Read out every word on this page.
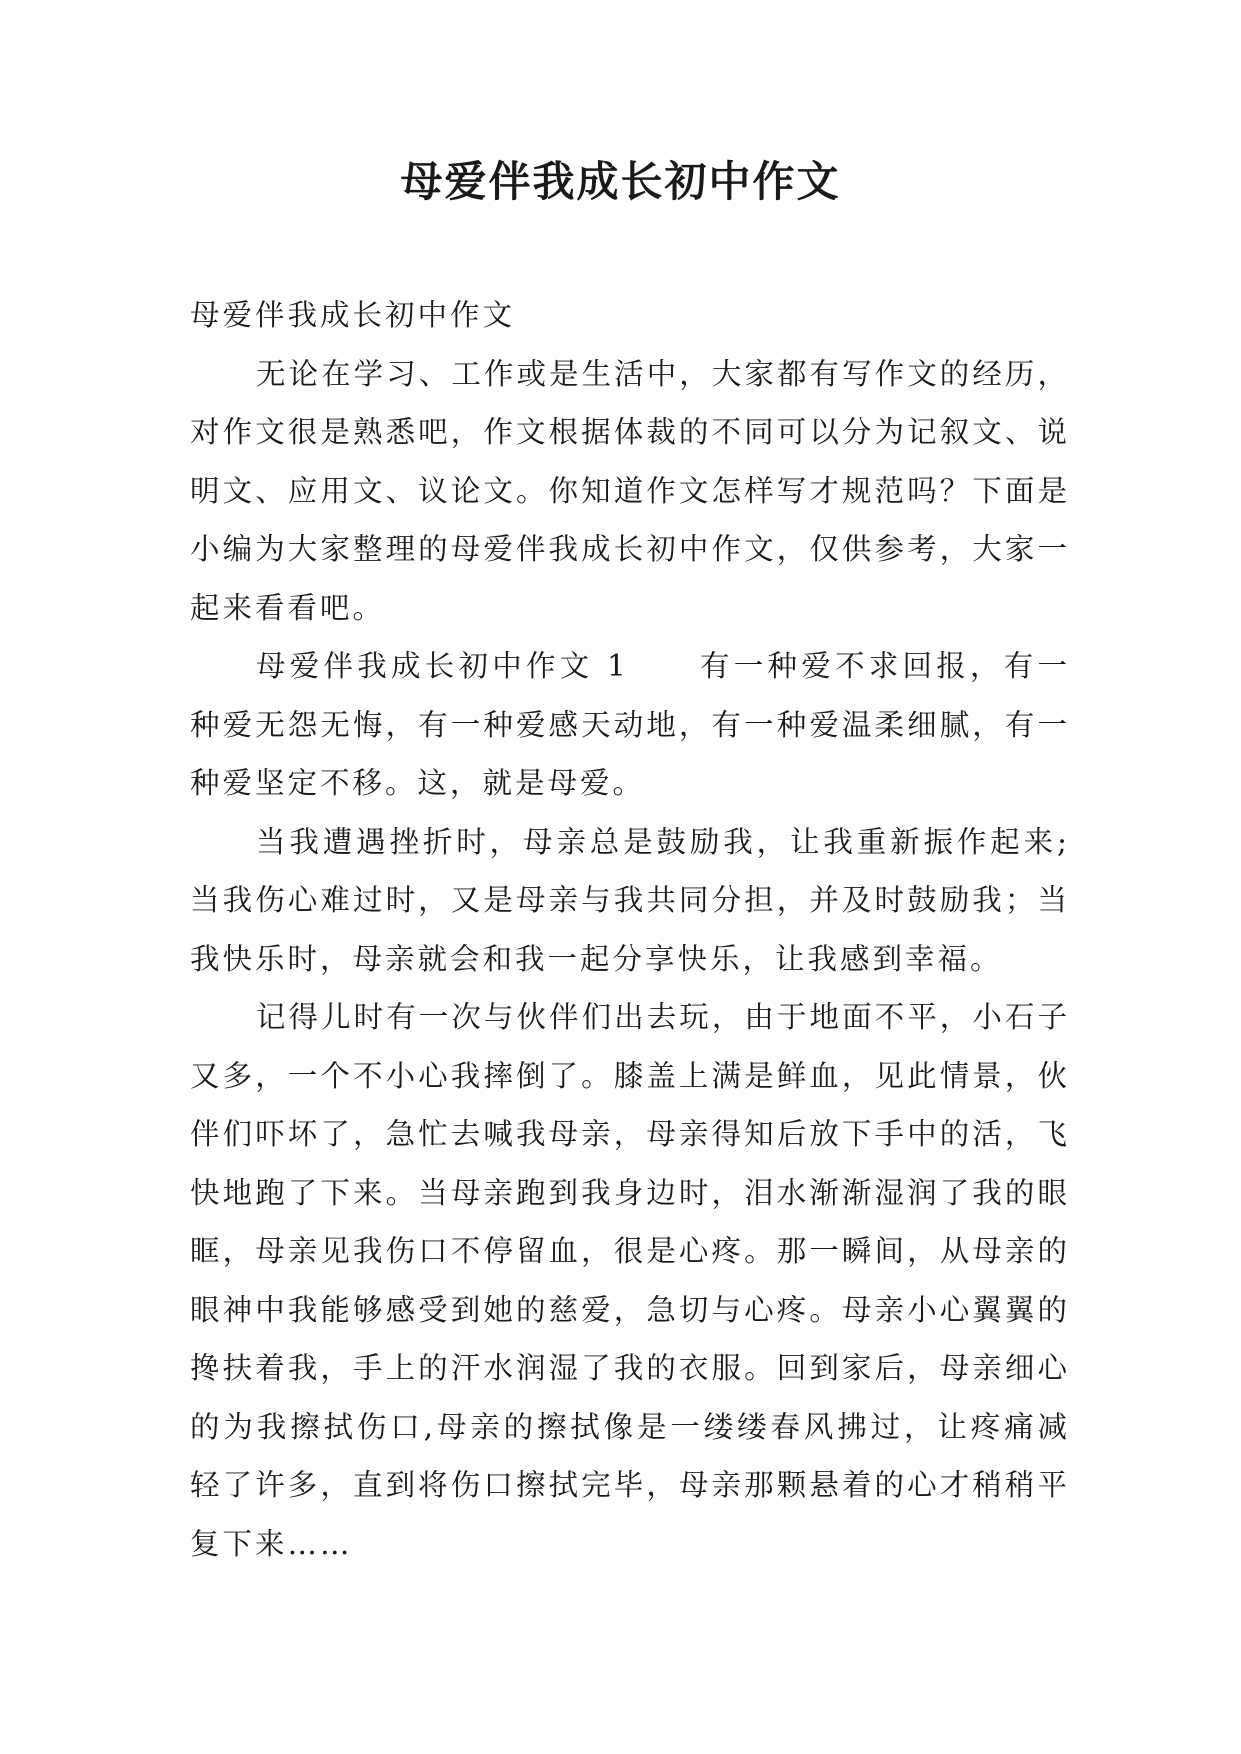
母爱伴我成长初中作文

母爱伴我成长初中作文

无论在学习、工作或是生活中，大家都有写作文的经历，对作文很是熟悉吧，作文根据体裁的不同可以分为记叙文、说明文、应用文、议论文。你知道作文怎样写才规范吗？下面是小编为大家整理的母爱伴我成长初中作文，仅供参考，大家一起来看看吧。

母爱伴我成长初中作文 1 有一种爱不求回报，有一种爱无怨无悔，有一种爱感天动地，有一种爱温柔细腻，有一种爱坚定不移。这，就是母爱。

当我遭遇挫折时，母亲总是鼓励我，让我重新振作起来;当我伤心难过时，又是母亲与我共同分担，并及时鼓励我；当我快乐时，母亲就会和我一起分享快乐，让我感到幸福。

记得儿时有一次与伙伴们出去玩，由于地面不平，小石子又多，一个不小心我摔倒了。膝盖上满是鲜血，见此情景，伙伴们吓坏了，急忙去喊我母亲，母亲得知后放下手中的活，飞快地跑了下来。当母亲跑到我身边时，泪水渐渐湿润了我的眼眶，母亲见我伤口不停留血，很是心疼。那一瞬间，从母亲的眼神中我能够感受到她的慈爱，急切与心疼。母亲小心翼翼的搀扶着我，手上的汗水润湿了我的衣服。回到家后，母亲细心的为我擦拭伤口,母亲的擦拭像是一缕缕春风拂过，让疼痛减轻了许多，直到将伤口擦拭完毕，母亲那颗悬着的心才稍稍平复下来……
